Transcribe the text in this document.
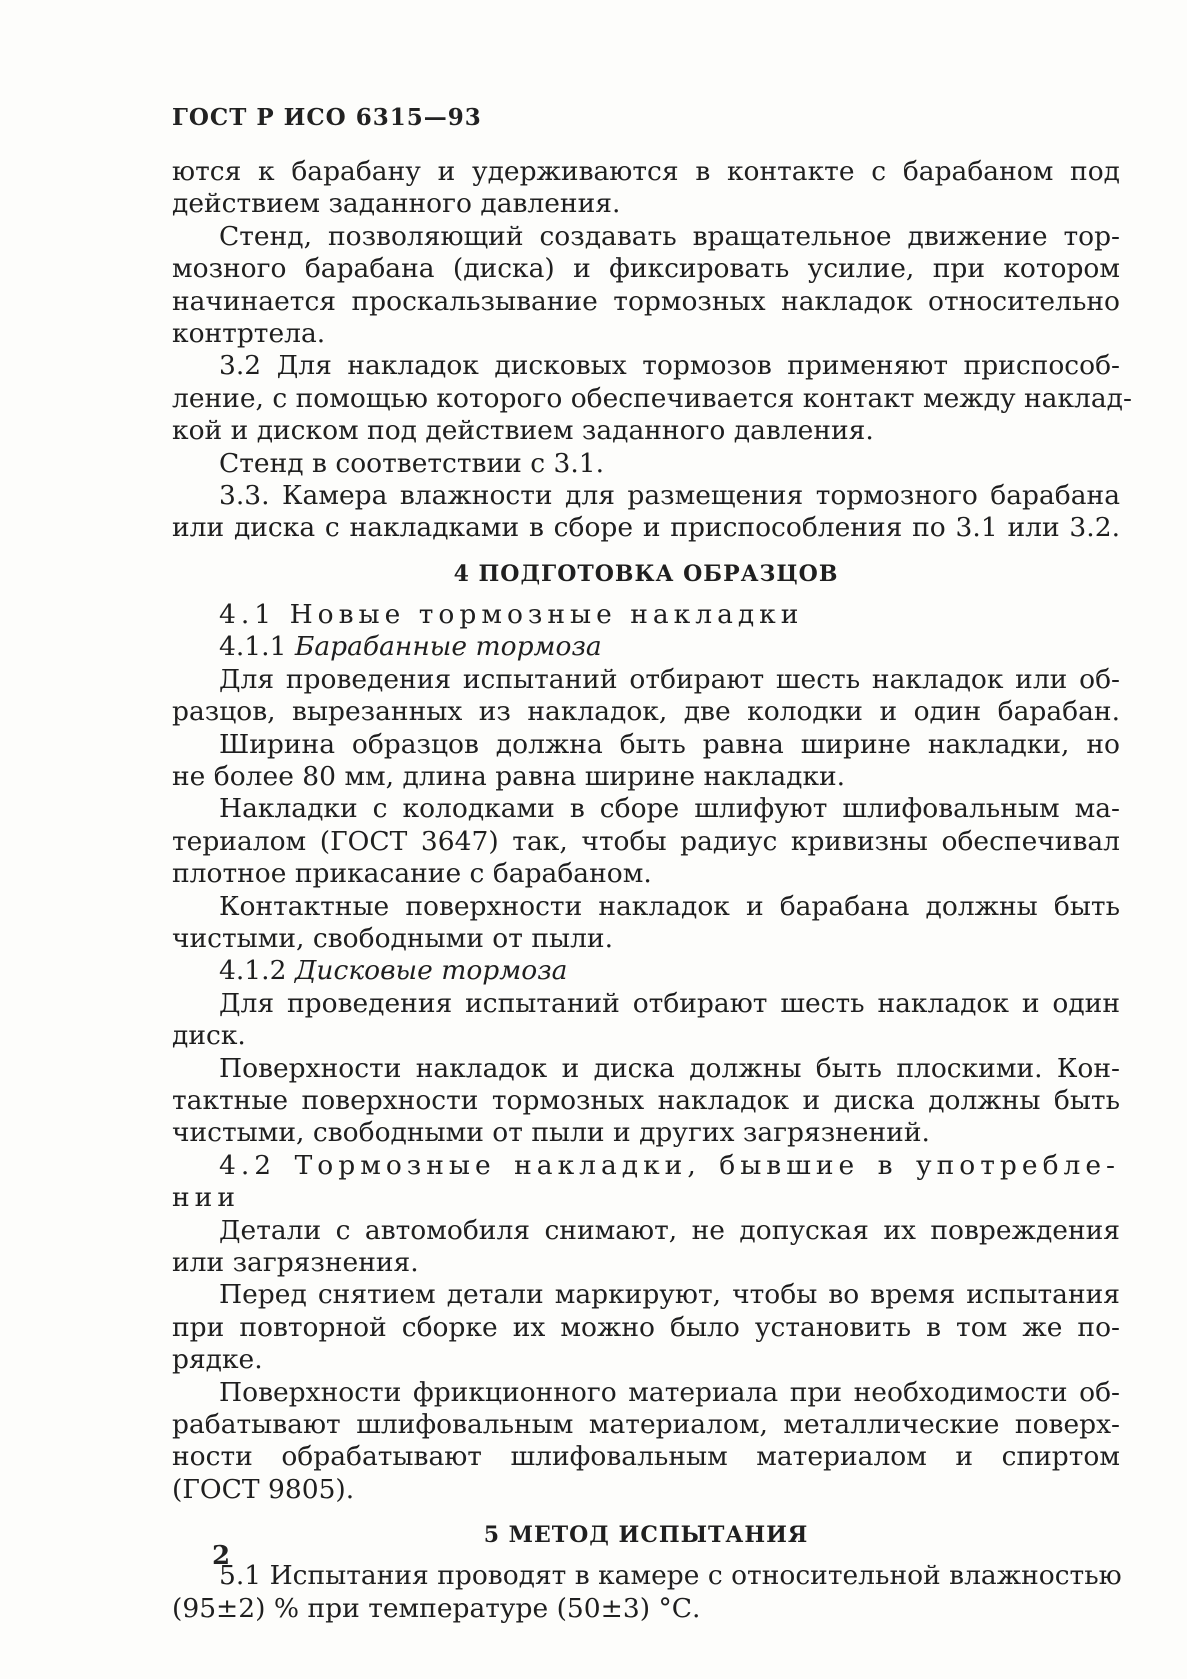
ГОСТ Р ИСО 6315—93
ются к барабану и удерживаются в контакте с барабаном под
действием заданного давления.
Стенд, позволяющий создавать вращательное движение тор-
мозного барабана (диска) и фиксировать усилие, при котором
начинается проскальзывание тормозных накладок относительно
контртела.
3.2 Для накладок дисковых тормозов применяют приспособ-
ление, с помощью которого обеспечивается контакт между наклад-
кой и диском под действием заданного давления.
Стенд в соответствии с 3.1.
3.3. Камера влажности для размещения тормозного барабана
или диска с накладками в сборе и приспособления по 3.1 или 3.2.
4 ПОДГОТОВКА ОБРАЗЦОВ
4.1 Новые тормозные накладки
4.1.1 Барабанные тормоза
Для проведения испытаний отбирают шесть накладок или об-
разцов, вырезанных из накладок, две колодки и один барабан.
Ширина образцов должна быть равна ширине накладки, но
не более 80 мм, длина равна ширине накладки.
Накладки с колодками в сборе шлифуют шлифовальным ма-
териалом (ГОСТ 3647) так, чтобы радиус кривизны обеспечивал
плотное прикасание с барабаном.
Контактные поверхности накладок и барабана должны быть
чистыми, свободными от пыли.
4.1.2 Дисковые тормоза
Для проведения испытаний отбирают шесть накладок и один
диск.
Поверхности накладок и диска должны быть плоскими. Кон-
тактные поверхности тормозных накладок и диска должны быть
чистыми, свободными от пыли и других загрязнений.
4.2 Тормозные накладки, бывшие в употребле-
нии
Детали с автомобиля снимают, не допуская их повреждения
или загрязнения.
Перед снятием детали маркируют, чтобы во время испытания
при повторной сборке их можно было установить в том же по-
рядке.
Поверхности фрикционного материала при необходимости об-
рабатывают шлифовальным материалом, металлические поверх-
ности обрабатывают шлифовальным материалом и спиртом
(ГОСТ 9805).
5 МЕТОД ИСПЫТАНИЯ
5.1 Испытания проводят в камере с относительной влажностью
(95±2) % при температуре (50±3) °С.
2
